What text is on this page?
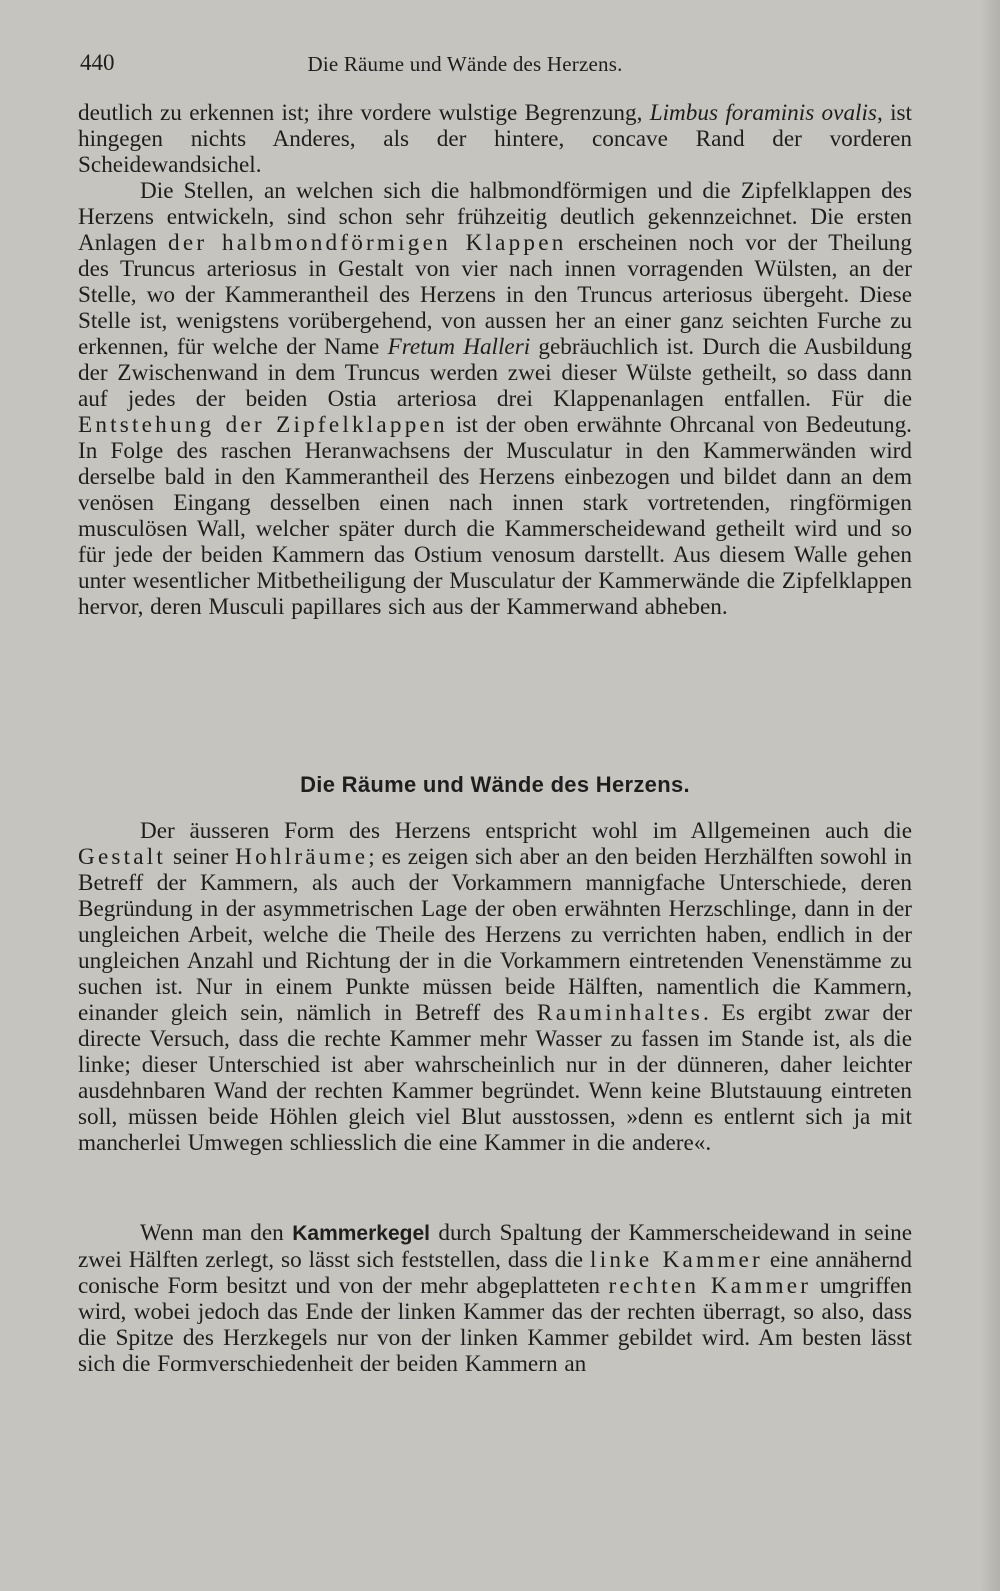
440	Die Räume und Wände des Herzens.

deutlich zu erkennen ist; ihre vordere wulstige Begrenzung, Limbus foraminis ovalis, ist hingegen nichts Anderes, als der hintere, concave Rand der vorderen Scheidewandsichel.

Die Stellen, an welchen sich die halbmondförmigen und die Zipfelklappen des Herzens entwickeln, sind schon sehr frühzeitig deutlich gekennzeichnet. Die ersten Anlagen der halbmondförmigen Klappen erscheinen noch vor der Theilung des Truncus arteriosus in Gestalt von vier nach innen vorragenden Wülsten, an der Stelle, wo der Kammerantheil des Herzens in den Truncus arteriosus übergeht. Diese Stelle ist, wenigstens vorübergehend, von aussen her an einer ganz seichten Furche zu erkennen, für welche der Name Fretum Halleri gebräuchlich ist. Durch die Ausbildung der Zwischenwand in dem Truncus werden zwei dieser Wülste getheilt, so dass dann auf jedes der beiden Ostia arteriosa drei Klappenanlagen entfallen. Für die Entstehung der Zipfelklappen ist der oben erwähnte Ohrcanal von Bedeutung. In Folge des raschen Heranwachsens der Musculatur in den Kammerwänden wird derselbe bald in den Kammerantheil des Herzens einbezogen und bildet dann an dem venösen Eingang desselben einen nach innen stark vortretenden, ringförmigen musculösen Wall, welcher später durch die Kammerscheidewand getheilt wird und so für jede der beiden Kammern das Ostium venosum darstellt. Aus diesem Walle gehen unter wesentlicher Mitbetheiligung der Musculatur der Kammerwände die Zipfelklappen hervor, deren Musculi papillares sich aus der Kammerwand abheben.

Die Räume und Wände des Herzens.

Der äusseren Form des Herzens entspricht wohl im Allgemeinen auch die Gestalt seiner Hohlräume; es zeigen sich aber an den beiden Herzhälften sowohl in Betreff der Kammern, als auch der Vorkammern mannigfache Unterschiede, deren Begründung in der asymmetrischen Lage der oben erwähnten Herzschlinge, dann in der ungleichen Arbeit, welche die Theile des Herzens zu verrichten haben, endlich in der ungleichen Anzahl und Richtung der in die Vorkammern eintretenden Venenstämme zu suchen ist. Nur in einem Punkte müssen beide Hälften, namentlich die Kammern, einander gleich sein, nämlich in Betreff des Rauminhaltes. Es ergibt zwar der directe Versuch, dass die rechte Kammer mehr Wasser zu fassen im Stande ist, als die linke; dieser Unterschied ist aber wahrscheinlich nur in der dünneren, daher leichter ausdehnbaren Wand der rechten Kammer begründet. Wenn keine Blutstauung eintreten soll, müssen beide Höhlen gleich viel Blut ausstossen, »denn es entlernt sich ja mit mancherlei Umwegen schliesslich die eine Kammer in die andere«.

Wenn man den Kammerkegel durch Spaltung der Kammerscheidewand in seine zwei Hälften zerlegt, so lässt sich feststellen, dass die linke Kammer eine annähernd conische Form besitzt und von der mehr abgeplatteten rechten Kammer umgriffen wird, wobei jedoch das Ende der linken Kammer das der rechten überragt, so also, dass die Spitze des Herzkegels nur von der linken Kammer gebildet wird. Am besten lässt sich die Formverschiedenheit der beiden Kammern an
